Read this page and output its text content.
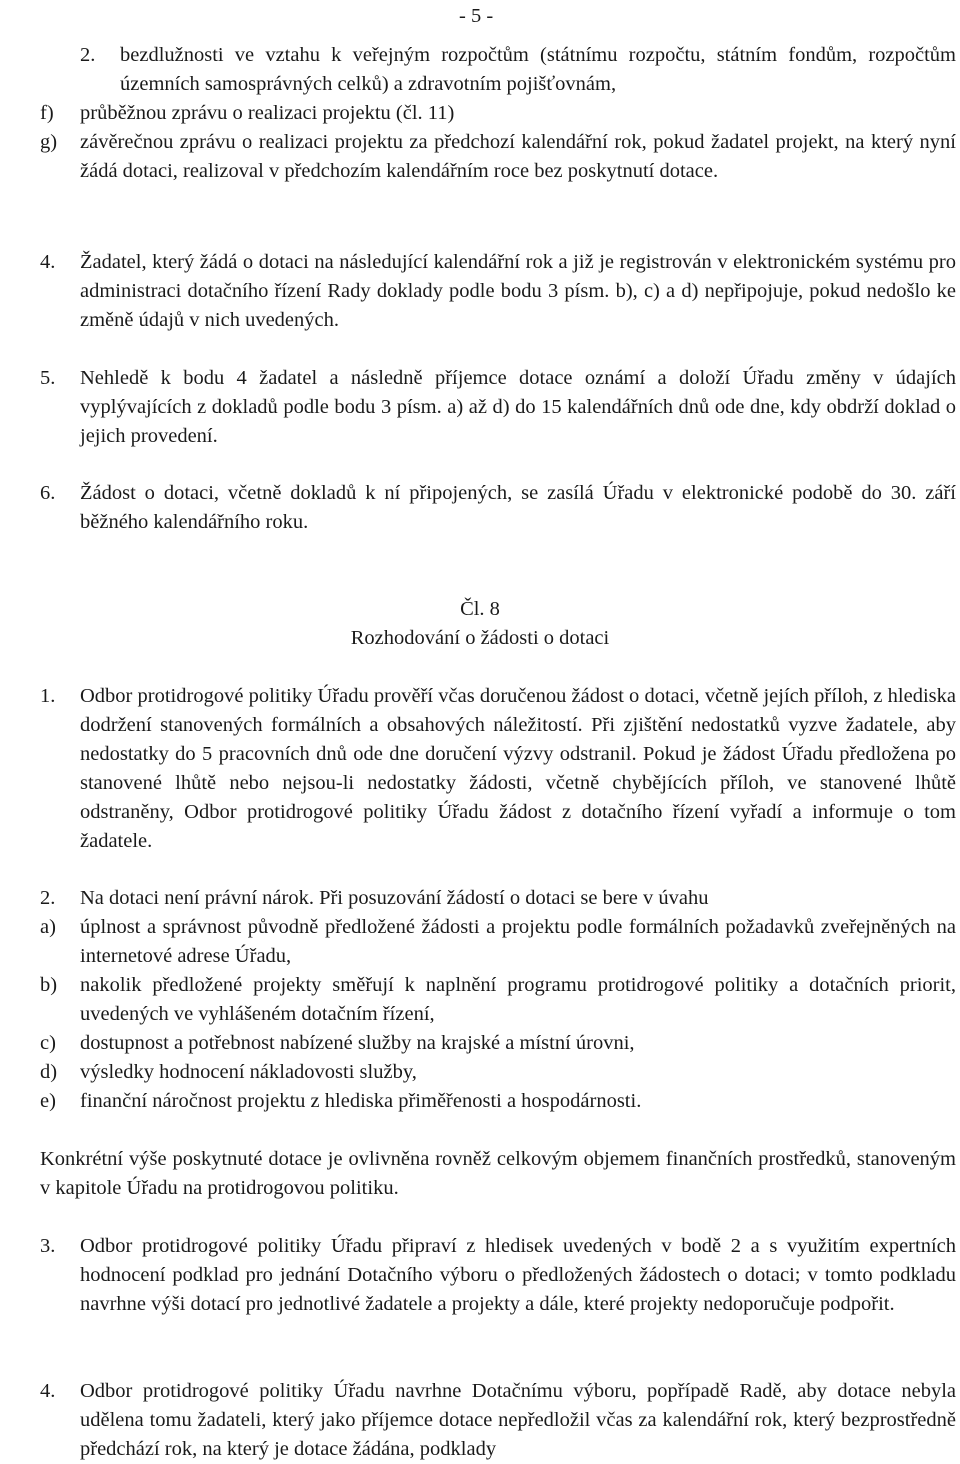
- 5 -
2.	bezdlužnosti ve vztahu k veřejným rozpočtům (státnímu rozpočtu, státním fondům, rozpočtům územních samosprávných celků) a zdravotním pojišťovnám,
f)	průběžnou zprávu o realizaci projektu (čl. 11)
g)	závěrečnou zprávu o realizaci projektu za předchozí kalendářní rok, pokud žadatel projekt, na který nyní žádá dotaci, realizoval v předchozím kalendářním roce bez poskytnutí dotace.
4.	Žadatel, který žádá o dotaci na následující kalendářní rok a již je registrován v elektronickém systému pro administraci dotačního řízení Rady doklady podle bodu 3 písm. b), c) a d) nepřipojuje, pokud nedošlo ke změně údajů v nich uvedených.
5.	Nehledě k bodu 4 žadatel a následně příjemce dotace oznámí a doloží Úřadu změny v údajích vyplývajících z dokladů podle bodu 3 písm. a) až d) do 15 kalendářních dnů ode dne, kdy obdrží doklad o jejich provedení.
6.	Žádost o dotaci, včetně dokladů k ní připojených, se zasílá Úřadu v elektronické podobě do 30. září běžného kalendářního roku.
Čl. 8
Rozhodování o žádosti o dotaci
1.	Odbor protidrogové politiky Úřadu prověří včas doručenou žádost o dotaci, včetně jejích příloh, z hlediska dodržení stanovených formálních a obsahových náležitostí. Při zjištění nedostatků vyzve žadatele, aby nedostatky do 5 pracovních dnů ode dne doručení výzvy odstranil. Pokud je žádost Úřadu předložena po stanovené lhůtě nebo nejsou-li nedostatky žádosti, včetně chybějících příloh, ve stanovené lhůtě odstraněny, Odbor protidrogové politiky Úřadu žádost z dotačního řízení vyřadí a informuje o tom žadatele.
2.	Na dotaci není právní nárok. Při posuzování žádostí o dotaci se bere v úvahu
a)	úplnost a správnost původně předložené žádosti a projektu podle formálních požadavků zveřejněných na internetové adrese Úřadu,
b)	nakolik předložené projekty směřují k naplnění programu protidrogové politiky a dotačních priorit, uvedených ve vyhlášeném dotačním řízení,
c)	dostupnost a potřebnost nabízené služby na krajské a místní úrovni,
d)	výsledky hodnocení nákladovosti služby,
e)	finanční náročnost projektu z hlediska přiměřenosti a hospodárnosti.

Konkrétní výše poskytnuté dotace je ovlivněna rovněž celkovým objemem finančních prostředků, stanoveným v kapitole Úřadu na protidrogovou politiku.

3.	Odbor protidrogové politiky Úřadu připraví z hledisek uvedených v bodě 2 a s využitím expertních hodnocení podklad pro jednání Dotačního výboru o předložených žádostech o dotaci; v tomto podkladu navrhne výši dotací pro jednotlivé žadatele a projekty a dále, které projekty nedoporučuje podpořit.
4.	Odbor protidrogové politiky Úřadu navrhne Dotačnímu výboru, popřípadě Radě, aby dotace nebyla udělena tomu žadateli, který jako příjemce dotace nepředložil včas za kalendářní rok, který bezprostředně předchází rok, na který je dotace žádána, podklady
